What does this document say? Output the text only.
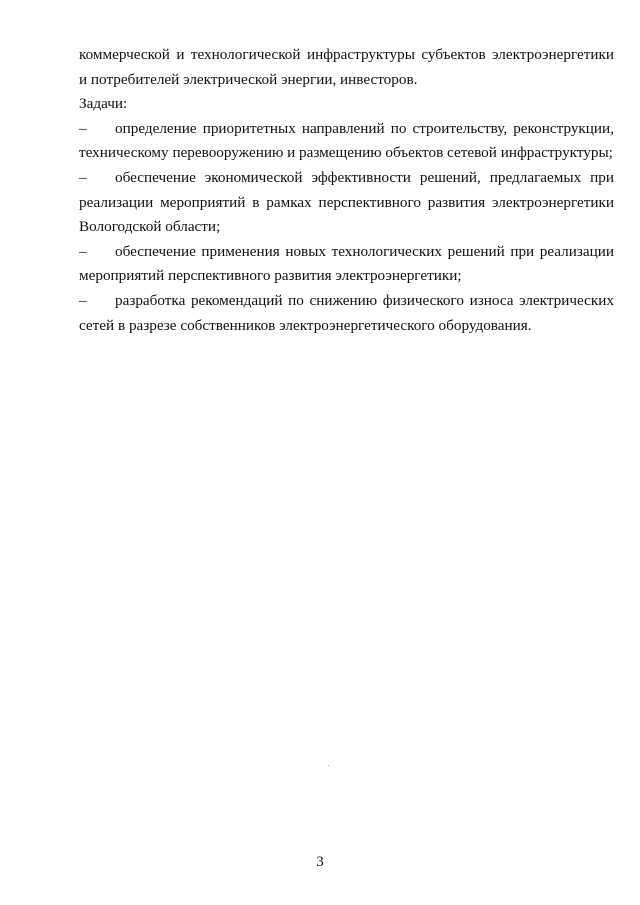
коммерческой и технологической инфраструктуры субъектов электроэнергетики
и потребителей электрической энергии, инвесторов.
Задачи:
–	определение приоритетных направлений по строительству, реконструкции,
техническому перевооружению и размещению объектов сетевой инфраструктуры;
–	обеспечение экономической эффективности решений, предлагаемых при
реализации мероприятий в рамках перспективного развития электроэнергетики
Вологодской области;
–	обеспечение применения новых технологических решений при реализации
мероприятий перспективного развития электроэнергетики;
–	разработка рекомендаций по снижению физического износа электрических
сетей в разрезе собственников электроэнергетического оборудования.
3
